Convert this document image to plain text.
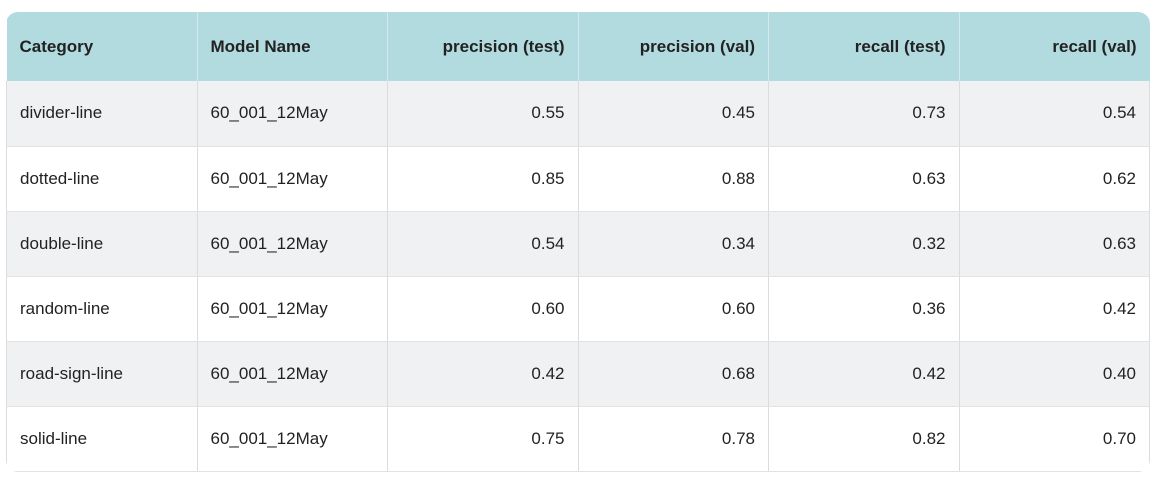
Category	Model Name	precision (test)	precision (val)	recall (test)	recall (val)
divider-line	60_001_12May	0.55	0.45	0.73	0.54
dotted-line	60_001_12May	0.85	0.88	0.63	0.62
double-line	60_001_12May	0.54	0.34	0.32	0.63
random-line	60_001_12May	0.60	0.60	0.36	0.42
road-sign-line	60_001_12May	0.42	0.68	0.42	0.40
solid-line	60_001_12May	0.75	0.78	0.82	0.70
